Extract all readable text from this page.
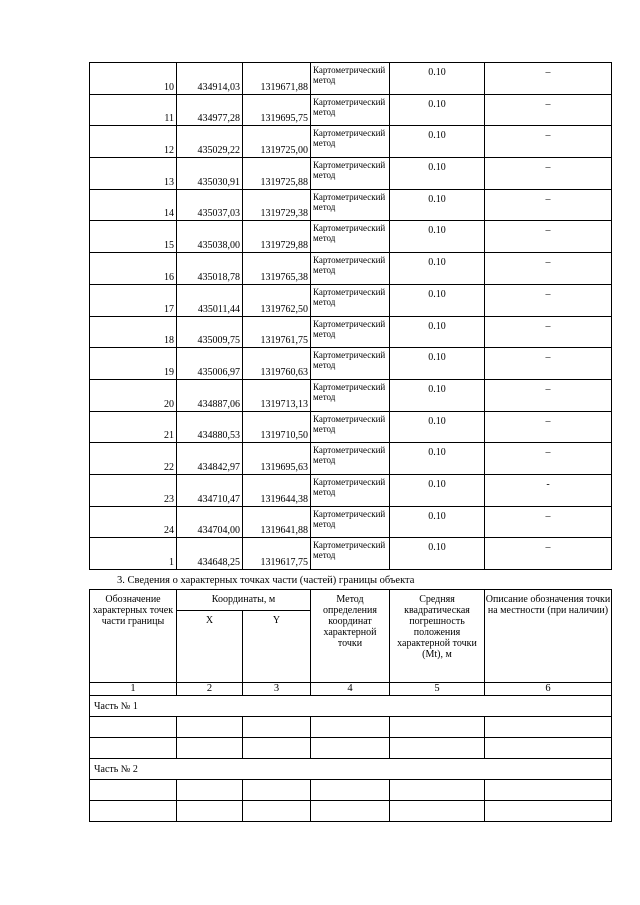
10	434914,03	1319671,88	Картометрический метод	0.10	–
11	434977,28	1319695,75	Картометрический метод	0.10	–
12	435029,22	1319725,00	Картометрический метод	0.10	–
13	435030,91	1319725,88	Картометрический метод	0.10	–
14	435037,03	1319729,38	Картометрический метод	0.10	–
15	435038,00	1319729,88	Картометрический метод	0.10	–
16	435018,78	1319765,38	Картометрический метод	0.10	–
17	435011,44	1319762,50	Картометрический метод	0.10	–
18	435009,75	1319761,75	Картометрический метод	0.10	–
19	435006,97	1319760,63	Картометрический метод	0.10	–
20	434887,06	1319713,13	Картометрический метод	0.10	–
21	434880,53	1319710,50	Картометрический метод	0.10	–
22	434842,97	1319695,63	Картометрический метод	0.10	–
23	434710,47	1319644,38	Картометрический метод	0.10	-
24	434704,00	1319641,88	Картометрический метод	0.10	–
1	434648,25	1319617,75	Картометрический метод	0.10	–
3. Сведения о характерных точках части (частей) границы объекта
Обозначение характерных точек части границы	Координаты, м		Метод определения координат характерной точки	Средняя квадратическая погрешность положения характерной точки (Mt), м	Описание обозначения точки на местности (при наличии)
	X	Y			
1	2	3	4	5	6
Часть № 1					

Часть № 2					
